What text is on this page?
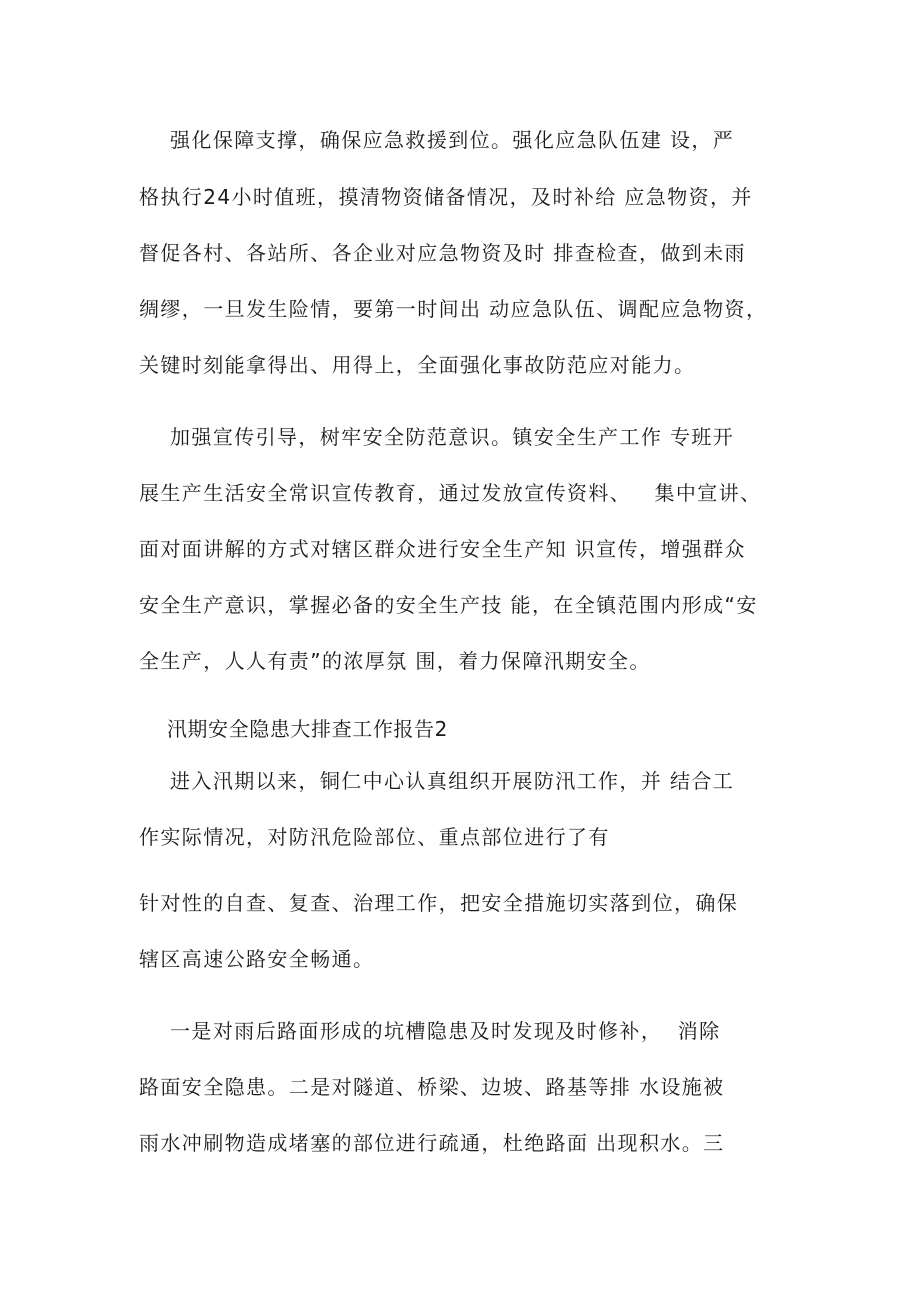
强化保障支撑，确保应急救援到位。强化应急队伍建 设，严
格执行24小时值班，摸清物资储备情况，及时补给 应急物资，并
督促各村、各站所、各企业对应急物资及时 排查检查，做到未雨
绸缪，一旦发生险情，要第一时间出 动应急队伍、调配应急物资，
关键时刻能拿得出、用得上，全面强化事故防范应对能力。
加强宣传引导，树牢安全防范意识。镇安全生产工作 专班开
展生产生活安全常识宣传教育，通过发放宣传资料、   集中宣讲、
面对面讲解的方式对辖区群众进行安全生产知 识宣传，增强群众
安全生产意识，掌握必备的安全生产技 能，在全镇范围内形成“安
全生产，人人有责”的浓厚氛 围，着力保障汛期安全。
汛期安全隐患大排查工作报告2
进入汛期以来，铜仁中心认真组织开展防汛工作，并 结合工
作实际情况，对防汛危险部位、重点部位进行了有
针对性的自查、复查、治理工作，把安全措施切实落到位，确保
辖区高速公路安全畅通。
一是对雨后路面形成的坑槽隐患及时发现及时修补，  消除
路面安全隐患。二是对隧道、桥梁、边坡、路基等排 水设施被
雨水冲刷物造成堵塞的部位进行疏通，杜绝路面 出现积水。三
